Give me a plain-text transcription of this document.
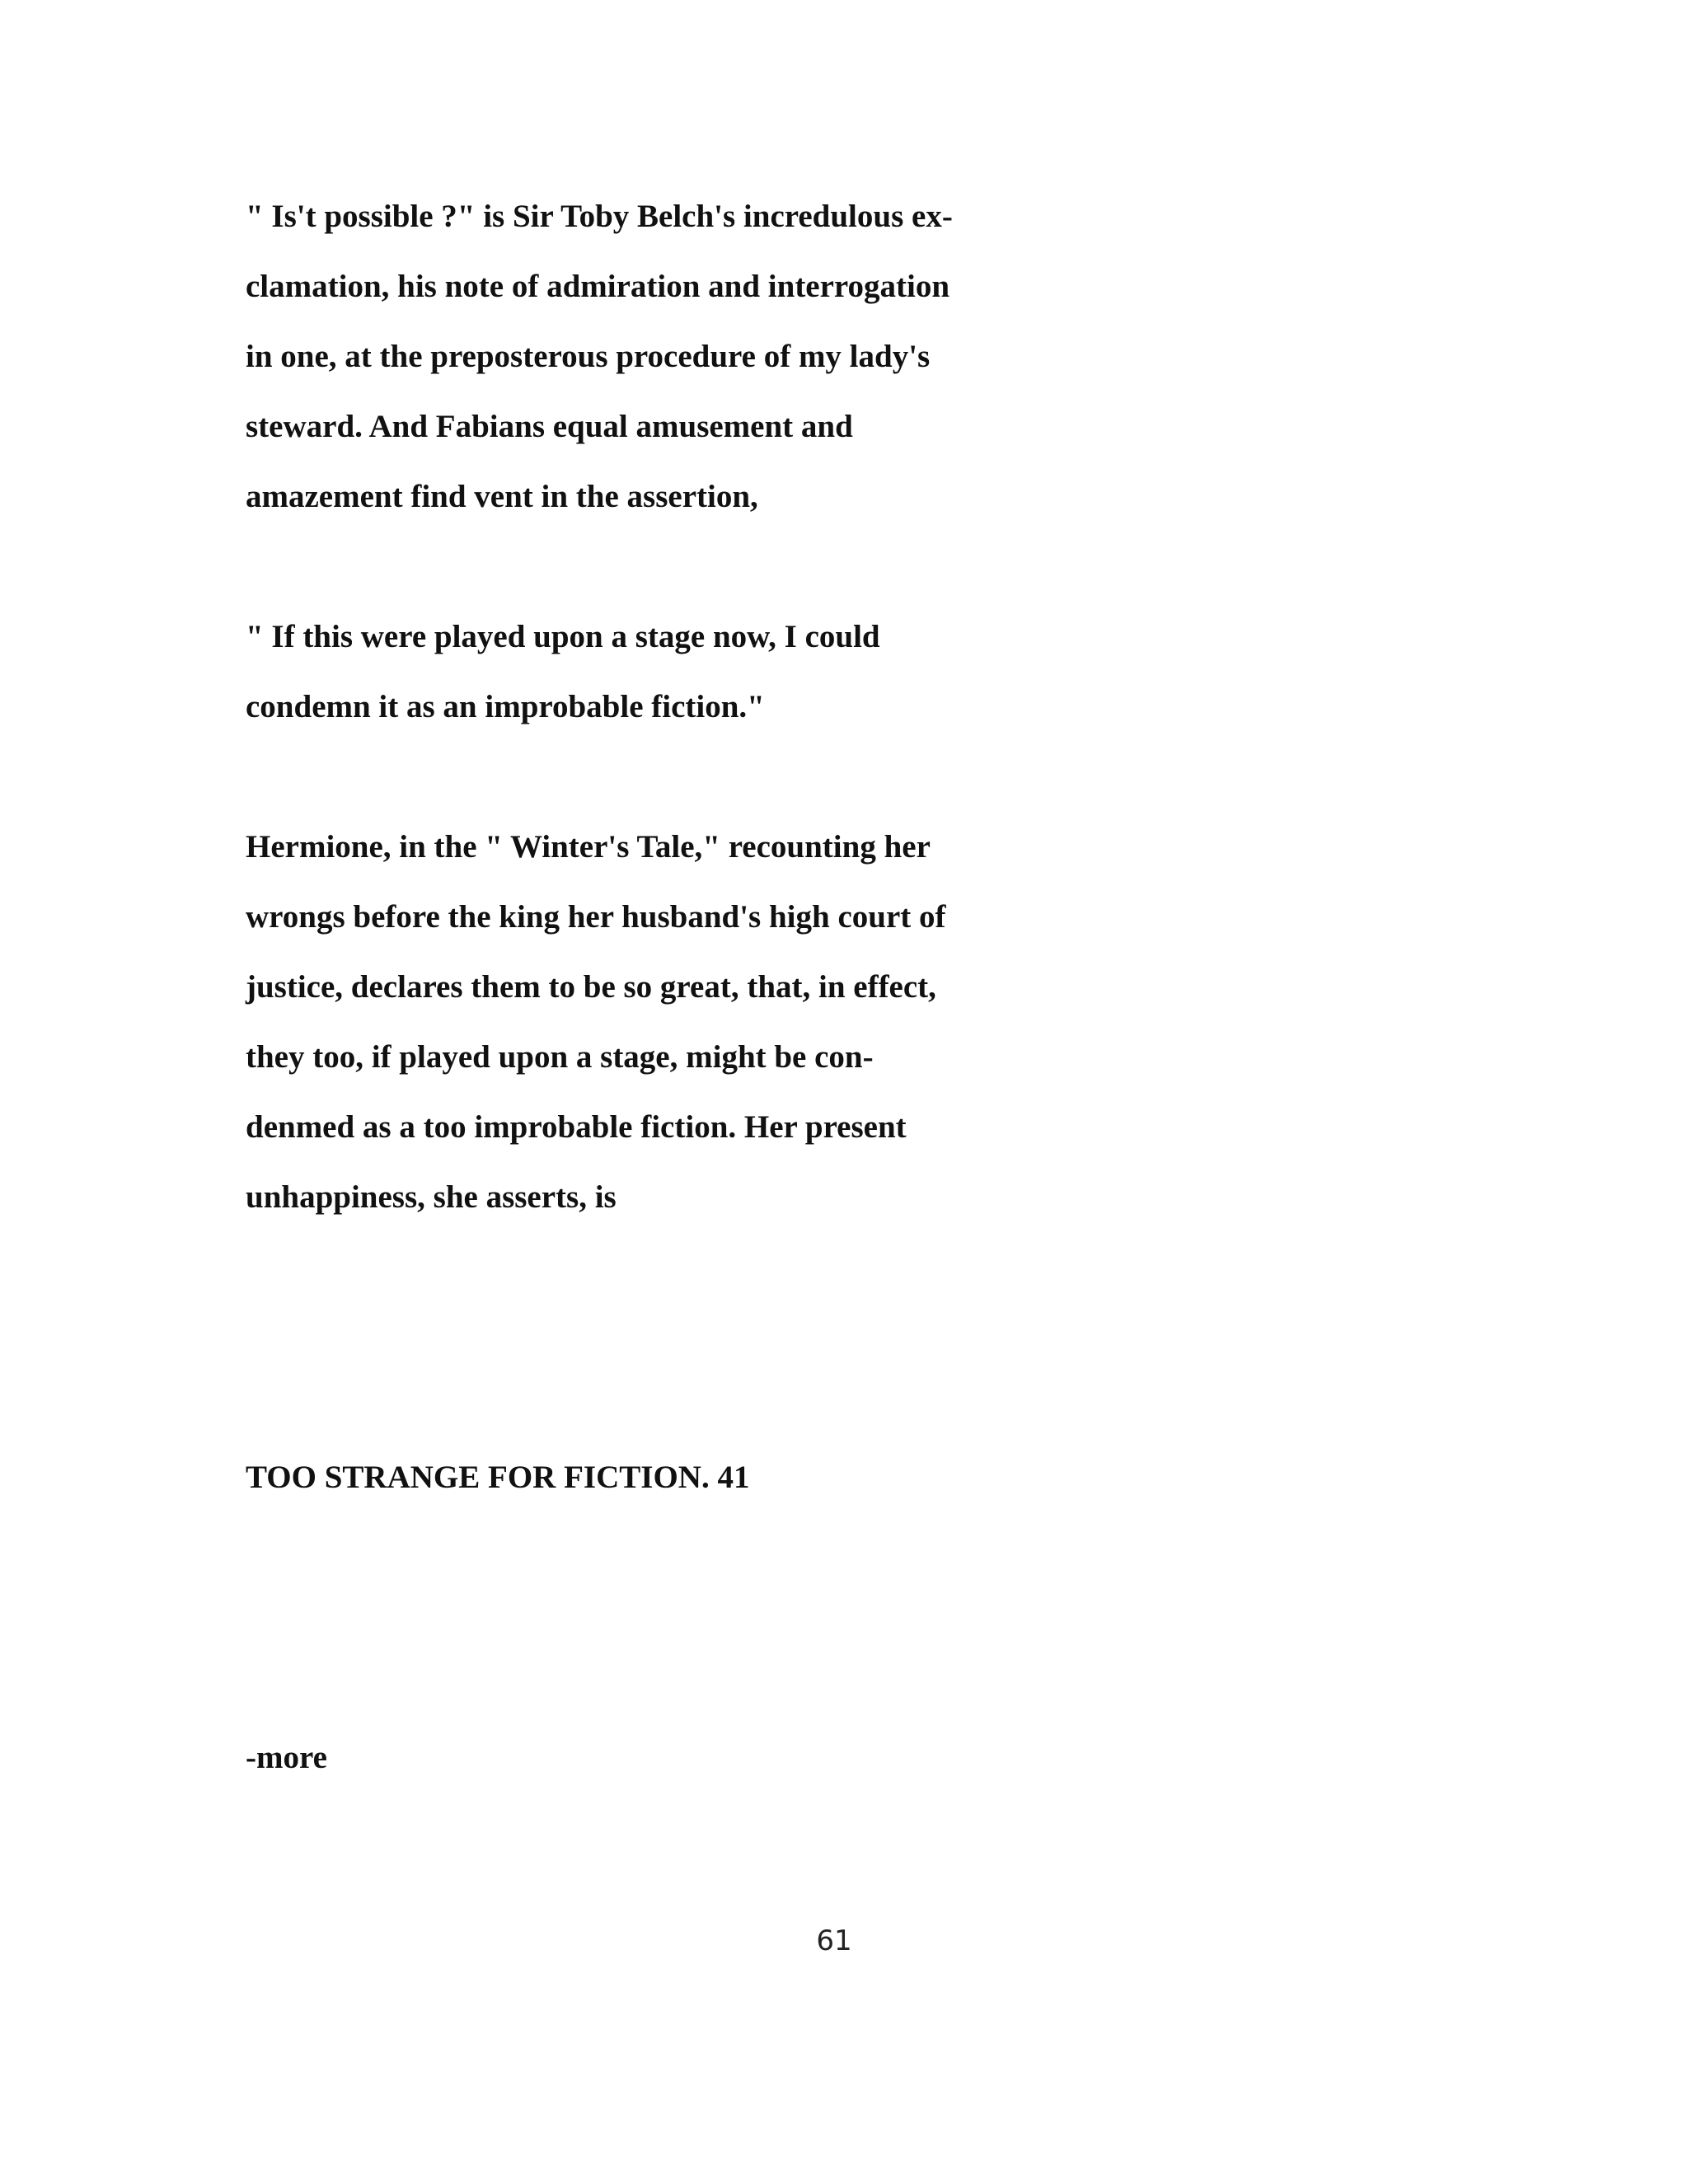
" Is't possible ?" is Sir Toby Belch's incredulous ex-

clamation, his note of admiration and interrogation

in one, at the preposterous procedure of my lady's

steward. And Fabians equal amusement and

amazement find vent in the assertion,

" If this were played upon a stage now, I could

condemn it as an improbable fiction."

Hermione, in the " Winter's Tale," recounting her

wrongs before the king her husband's high court of

justice, declares them to be so great, that, in effect,

they too, if played upon a stage, might be con-

denmed as a too improbable fiction. Her present

unhappiness, she asserts, is

TOO STRANGE FOR FICTION. 41

-more

61
